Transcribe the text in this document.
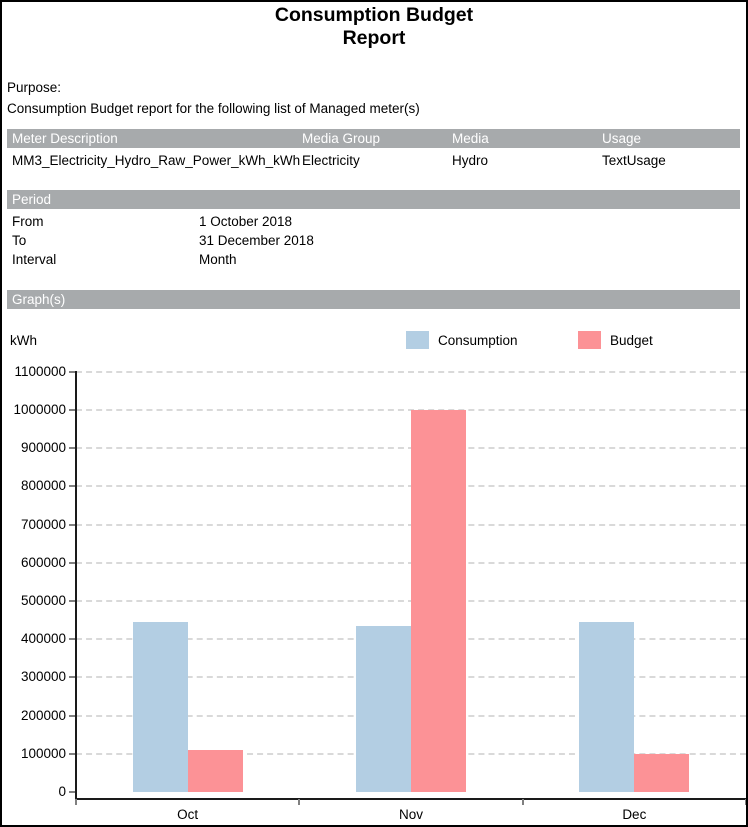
Consumption Budget
Report
Purpose:
Consumption Budget report for the following list of Managed meter(s)
Meter Description	Media Group	Media	Usage
MM3_Electricity_Hydro_Raw_Power_kWh_kWh Electricity	Hydro	TextUsage
Period
From	1 October 2018
To	31 December 2018
Interval	Month
Graph(s)
kWh	Consumption	Budget
0
100000
200000
300000
400000
500000
600000
700000
800000
900000
1000000
1100000
Oct	Nov	Dec
